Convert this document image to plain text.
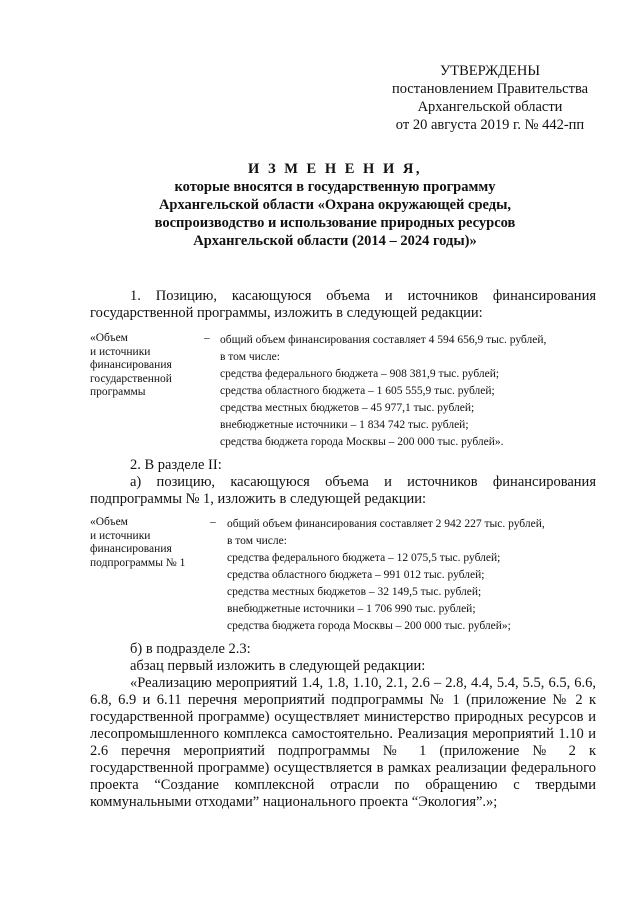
УТВЕРЖДЕНЫ
постановлением Правительства
Архангельской области
от 20 августа 2019 г. № 442-пп
И З М Е Н Е Н И Я,
которые вносятся в государственную программу
Архангельской области «Охрана окружающей среды,
воспроизводство и использование природных ресурсов
Архангельской области (2014 – 2024 годы)»
1. Позицию, касающуюся объема и источников финансирования государственной программы, изложить в следующей редакции:
«Объем
и источники
финансирования
государственной
программы
– общий объем финансирования составляет 4 594 656,9 тыс. рублей,
в том числе:
средства федерального бюджета – 908 381,9 тыс. рублей;
средства областного бюджета – 1 605 555,9 тыс. рублей;
средства местных бюджетов – 45 977,1 тыс. рублей;
внебюджетные источники – 1 834 742 тыс. рублей;
средства бюджета города Москвы – 200 000 тыс. рублей».
2. В разделе II:
а) позицию, касающуюся объема и источников финансирования подпрограммы № 1, изложить в следующей редакции:
«Объем
и источники
финансирования
подпрограммы № 1
– общий объем финансирования составляет 2 942 227 тыс. рублей,
в том числе:
средства федерального бюджета – 12 075,5 тыс. рублей;
средства областного бюджета – 991 012 тыс. рублей;
средства местных бюджетов – 32 149,5 тыс. рублей;
внебюджетные источники – 1 706 990 тыс. рублей;
средства бюджета города Москвы – 200 000 тыс. рублей»;
б) в подразделе 2.3:
абзац первый изложить в следующей редакции:
«Реализацию мероприятий 1.4, 1.8, 1.10, 2.1, 2.6 – 2.8, 4.4, 5.4, 5.5, 6.5, 6.6, 6.8, 6.9 и 6.11 перечня мероприятий подпрограммы № 1 (приложение № 2 к государственной программе) осуществляет министерство природных ресурсов и лесопромышленного комплекса самостоятельно. Реализация мероприятий 1.10 и 2.6 перечня мероприятий подпрограммы № 1 (приложение № 2 к государственной программе) осуществляется в рамках реализации федерального проекта “Создание комплексной отрасли по обращению с твердыми коммунальными отходами” национального проекта “Экология”.»;
